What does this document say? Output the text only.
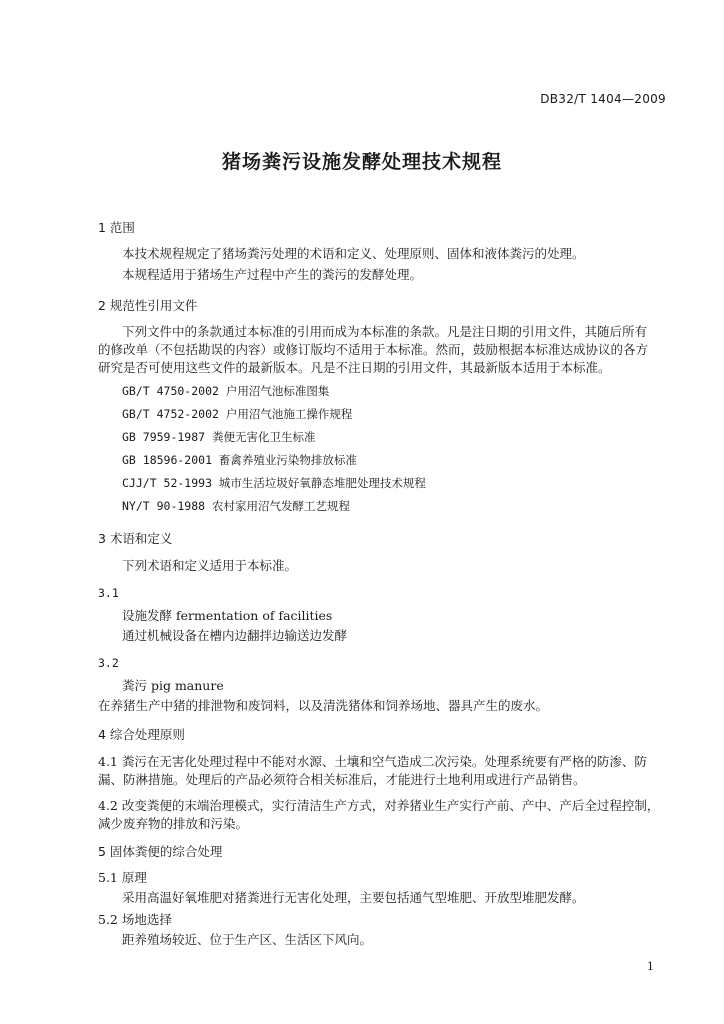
DB32/T 1404—2009
猪场粪污设施发酵处理技术规程
1 范围
本技术规程规定了猪场粪污处理的术语和定义、处理原则、固体和液体粪污的处理。
本规程适用于猪场生产过程中产生的粪污的发酵处理。
2 规范性引用文件
下列文件中的条款通过本标准的引用而成为本标准的条款。凡是注日期的引用文件，其随后所有
的修改单（不包括勘误的内容）或修订版均不适用于本标准。然而，鼓励根据本标准达成协议的各方
研究是否可使用这些文件的最新版本。凡是不注日期的引用文件，其最新版本适用于本标准。
GB/T 4750-2002 户用沼气池标准图集
GB/T 4752-2002 户用沼气池施工操作规程
GB 7959-1987 粪便无害化卫生标准
GB 18596-2001 畜禽养殖业污染物排放标准
CJJ/T 52-1993 城市生活垃圾好氧静态堆肥处理技术规程
NY/T 90-1988 农村家用沼气发酵工艺规程
3 术语和定义
下列术语和定义适用于本标准。
3.1
设施发酵 fermentation of facilities
通过机械设备在槽内边翻拌边输送边发酵
3.2
粪污 pig manure
在养猪生产中猪的排泄物和废饲料，以及清洗猪体和饲养场地、器具产生的废水。
4 综合处理原则
4.1 粪污在无害化处理过程中不能对水源、土壤和空气造成二次污染。处理系统要有严格的防渗、防
漏、防淋措施。处理后的产品必须符合相关标准后，才能进行土地利用或进行产品销售。
4.2 改变粪便的末端治理模式，实行清洁生产方式，对养猪业生产实行产前、产中、产后全过程控制，
减少废弃物的排放和污染。
5 固体粪便的综合处理
5.1 原理
采用高温好氧堆肥对猪粪进行无害化处理，主要包括通气型堆肥、开放型堆肥发酵。
5.2 场地选择
距养殖场较近、位于生产区、生活区下风向。
1
